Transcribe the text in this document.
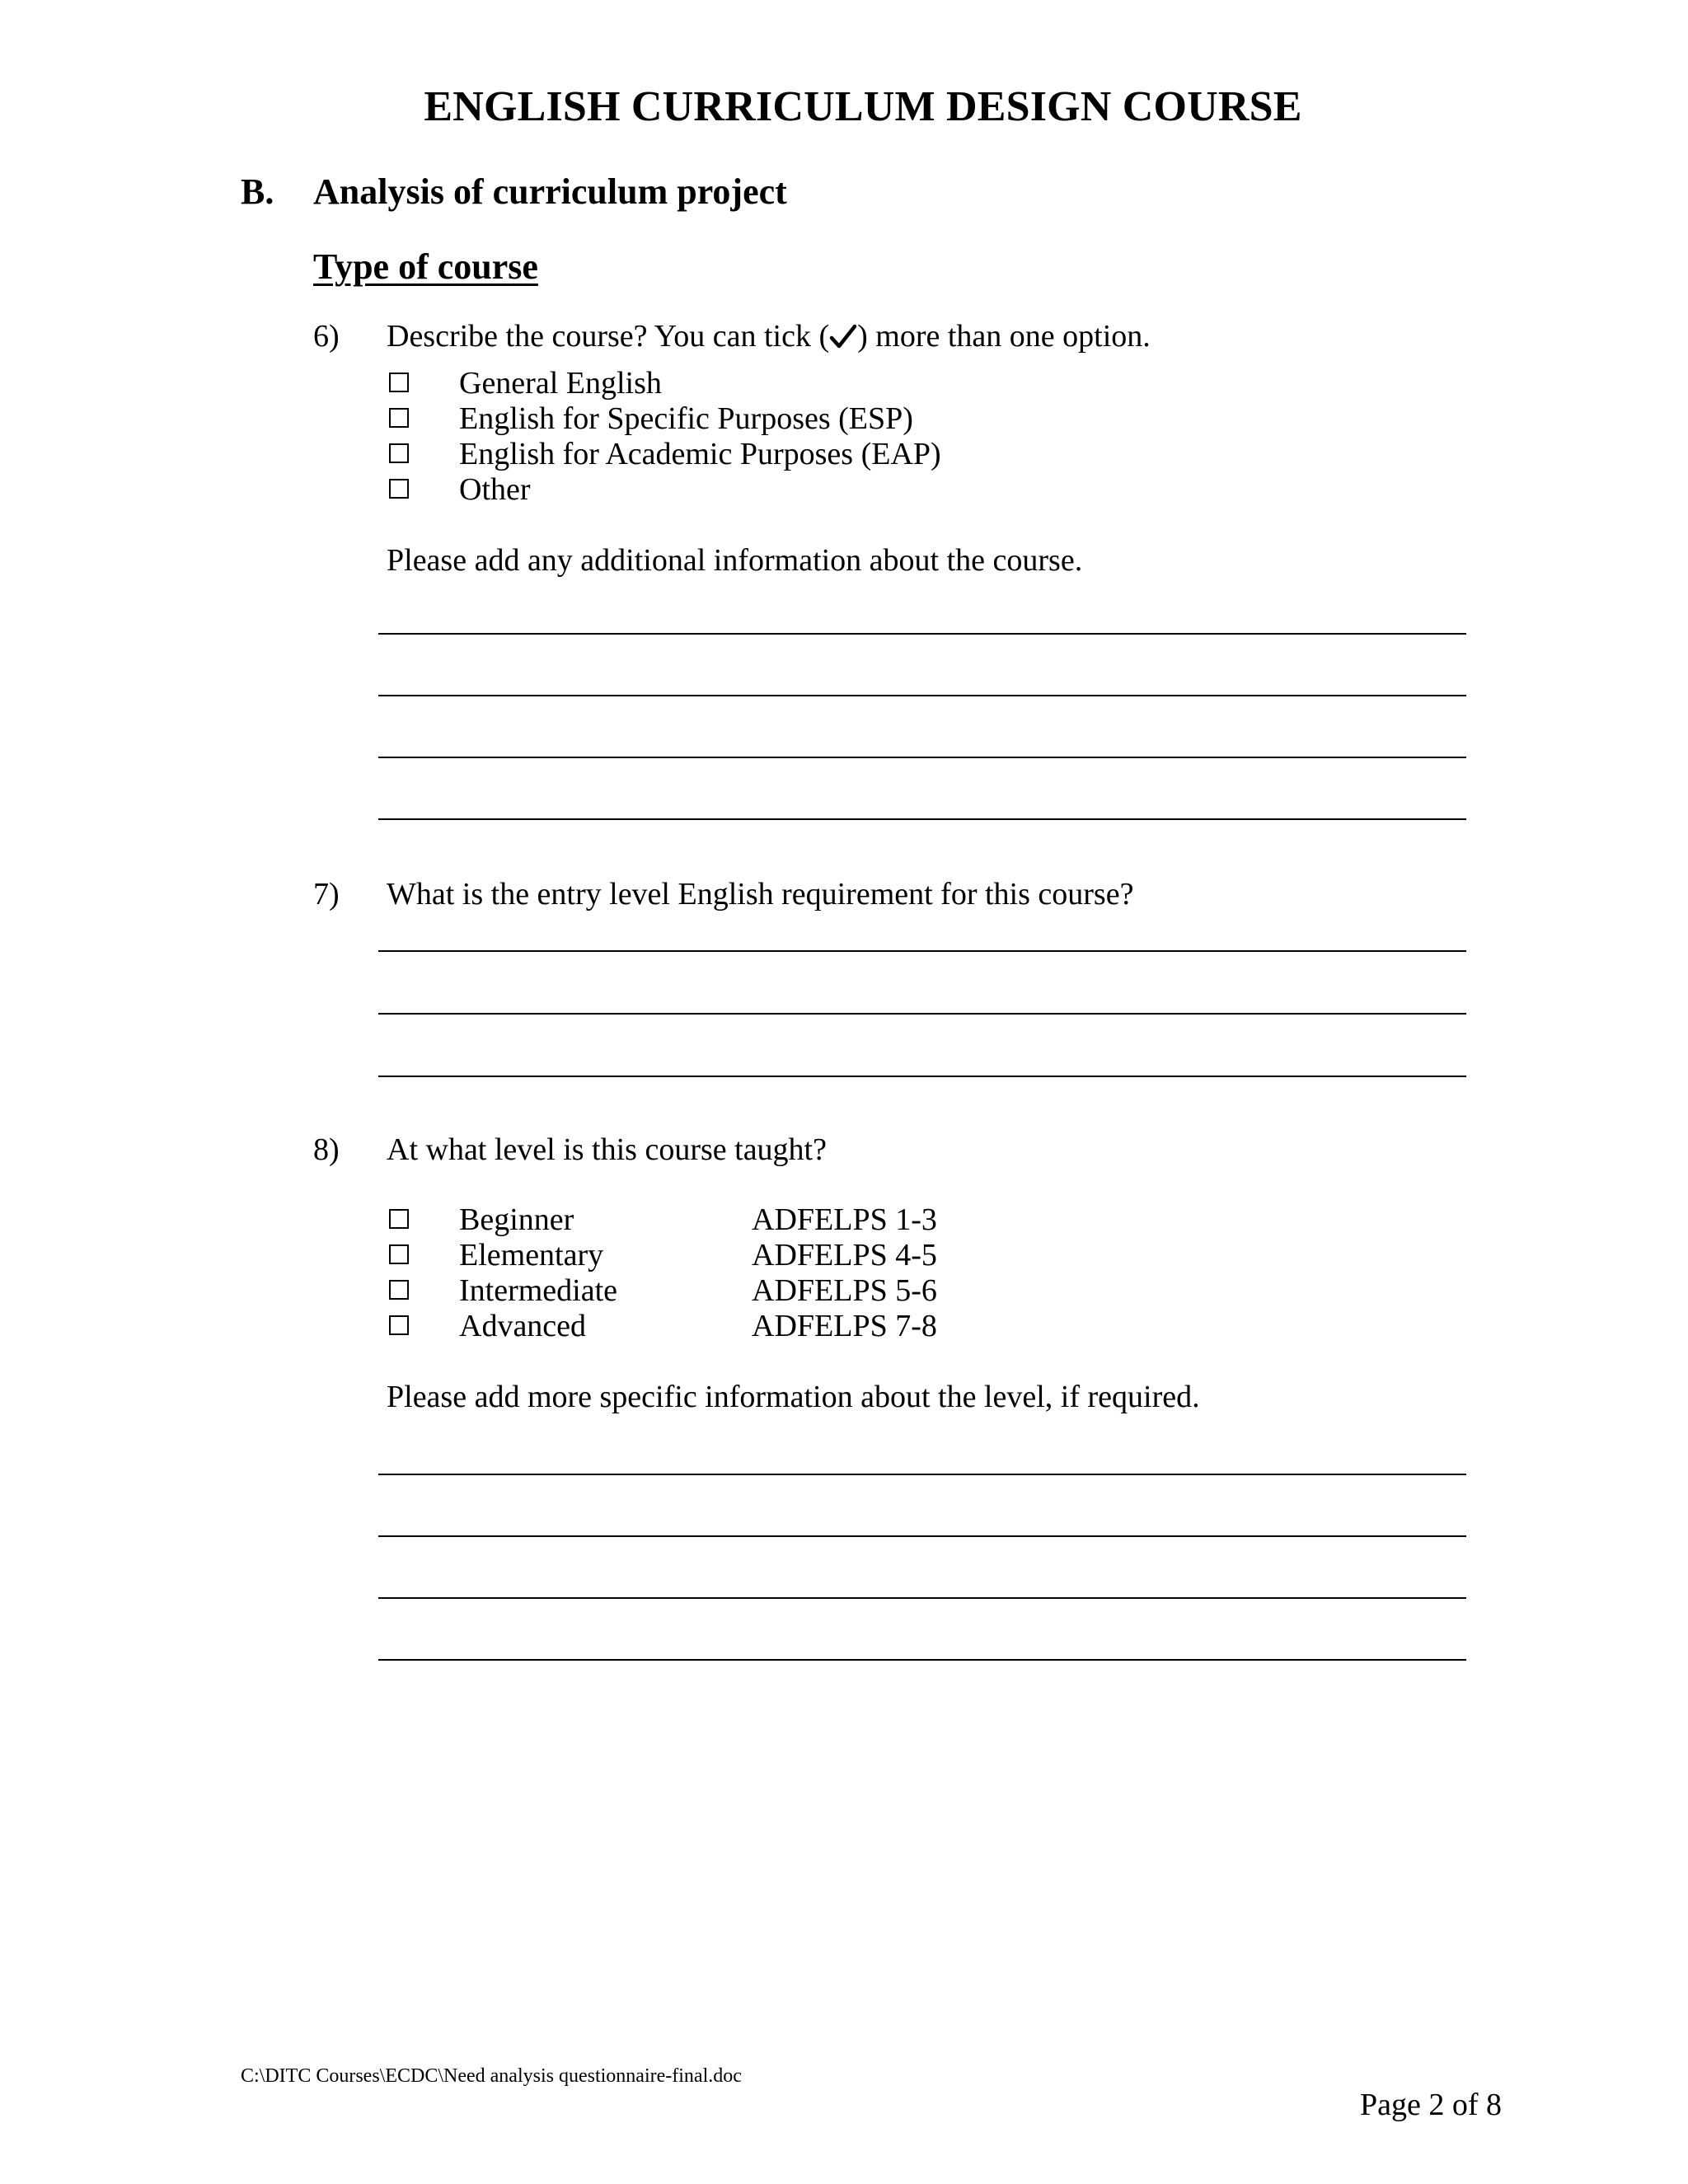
ENGLISH CURRICULUM DESIGN COURSE
B. Analysis of curriculum project
Type of course
6) Describe the course? You can tick ( ) more than one option.
General English
English for Specific Purposes (ESP)
English for Academic Purposes (EAP)
Other
Please add any additional information about the course.
7) What is the entry level English requirement for this course?
8) At what level is this course taught?
Beginner	ADFELPS 1-3
Elementary	ADFELPS 4-5
Intermediate	ADFELPS 5-6
Advanced	ADFELPS 7-8
Please add more specific information about the level, if required.
C:\DITC Courses\ECDC\Need analysis questionnaire-final.doc
Page 2 of 8
